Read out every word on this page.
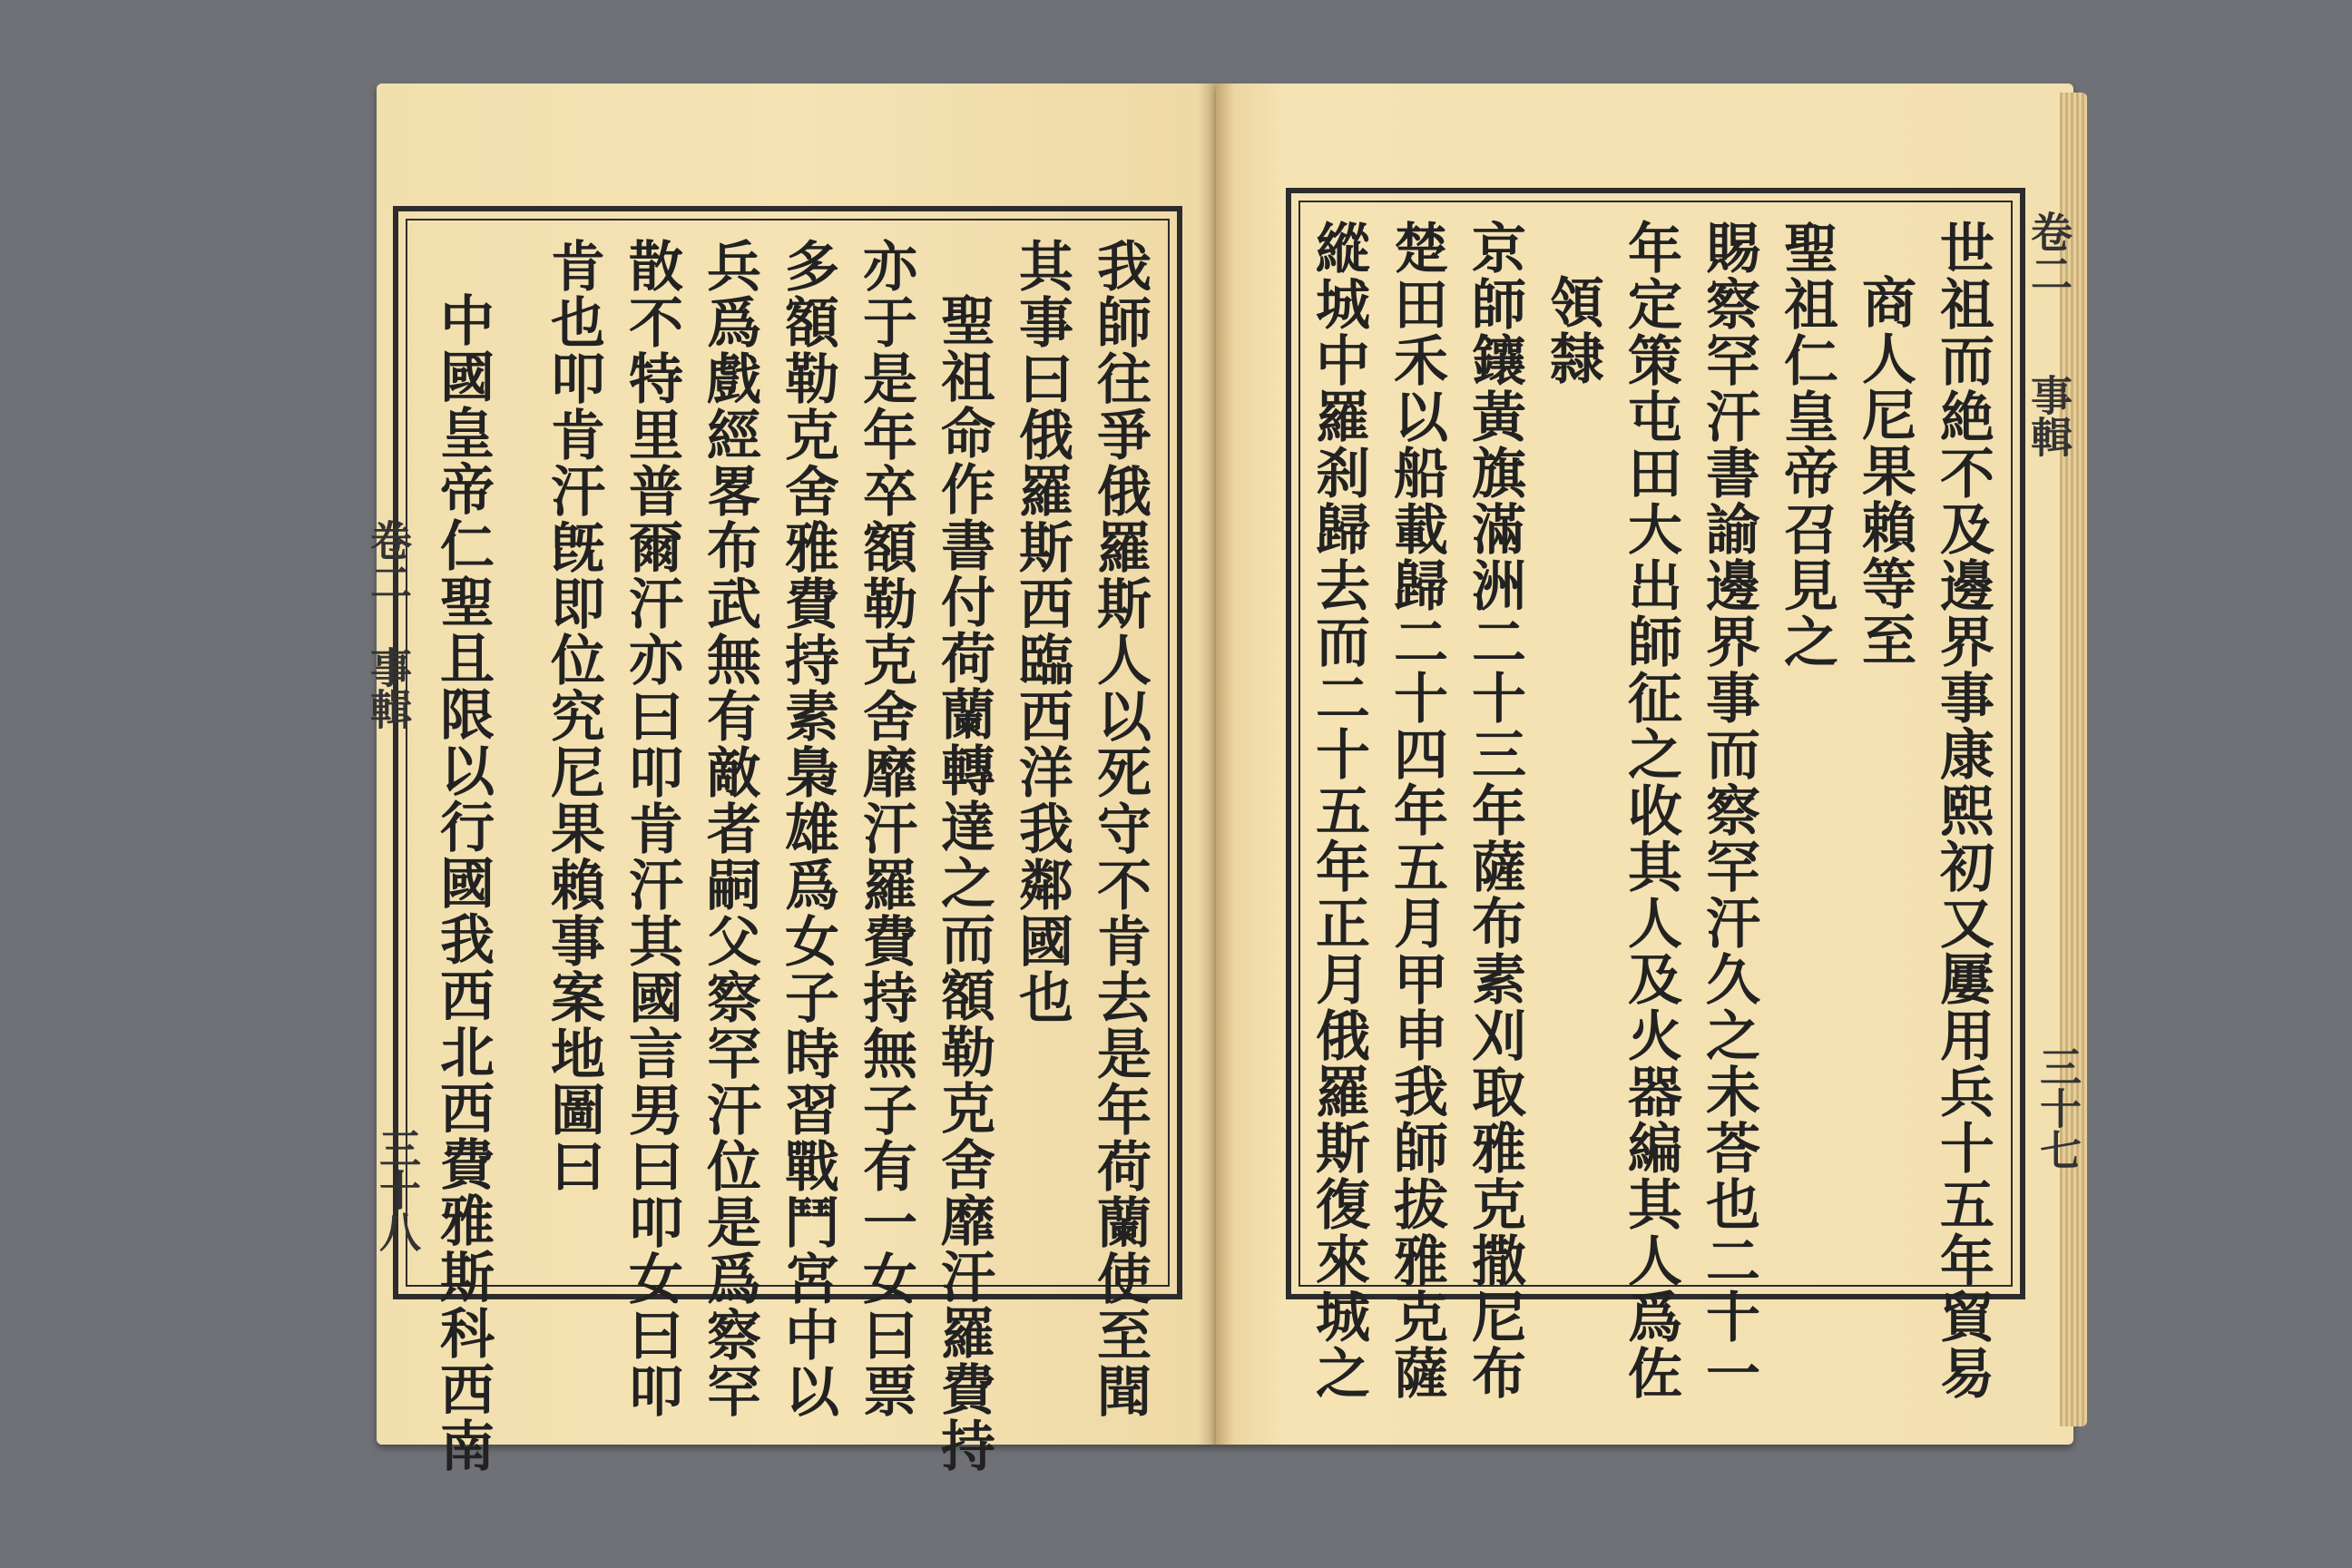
卷二
事輯
三十八	我師往爭俄羅斯人以死守不肯去是年荷蘭使至聞
其事曰俄羅斯西臨西洋我鄰國也
聖祖命作書付荷蘭轉達之而額勒克舍靡汗羅費持
亦于是年卒額勒克舍靡汗羅費持無子有一女曰票
多額勒克舍雅費持素梟雄爲女子時習戰鬥宮中以
兵爲戲經畧布武無有敵者嗣父察罕汗位是爲察罕
散不特里普爾汗亦曰叩肯汗其國言男曰叩女曰叩
肯也叩肯汗旣即位究尼果賴事案地圖曰
中國皇帝仁聖且限以行國我西北西費雅斯科西南
卷二
事輯
三十七
世祖而絶不及邊界事康熙初又屢用兵十五年貿易
商人尼果賴等至
聖祖仁皇帝召見之
賜察罕汗書諭邊界事而察罕汗久之未荅也二十一
年定策屯田大出師征之收其人及火器編其人爲佐
領隸
京師鑲黃旗滿洲二十三年薩布素刈取雅克撒尼布
楚田禾以船載歸二十四年五月甲申我師拔雅克薩
縱城中羅刹歸去而二十五年正月俄羅斯復來城之
